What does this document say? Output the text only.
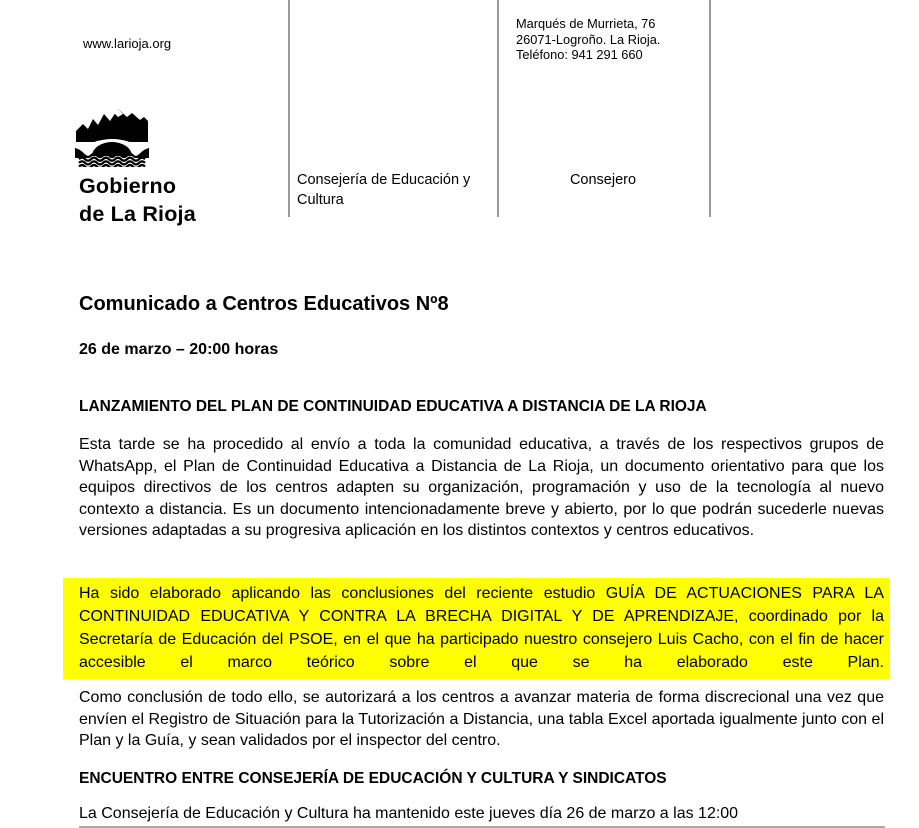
www.larioja.org
Gobierno
de La Rioja
Consejería de Educación y Cultura
Marqués de Murrieta, 76
26071-Logroño. La Rioja.
Teléfono: 941 291 660
Consejero
Comunicado a Centros Educativos Nº8
26 de marzo – 20:00 horas
LANZAMIENTO DEL PLAN DE CONTINUIDAD EDUCATIVA A DISTANCIA DE LA RIOJA

Esta tarde se ha procedido al envío a toda la comunidad educativa, a través de los respectivos grupos de WhatsApp, el Plan de Continuidad Educativa a Distancia de La Rioja, un documento orientativo para que los equipos directivos de los centros adapten su organización, programación y uso de la tecnología al nuevo contexto a distancia. Es un documento intencionadamente breve y abierto, por lo que podrán sucederle nuevas versiones adaptadas a su progresiva aplicación en los distintos contextos y centros educativos.

Ha sido elaborado aplicando las conclusiones del reciente estudio GUÍA DE ACTUACIONES PARA LA CONTINUIDAD EDUCATIVA Y CONTRA LA BRECHA DIGITAL Y DE APRENDIZAJE, coordinado por la Secretaría de Educación del PSOE, en el que ha participado nuestro consejero Luis Cacho, con el fin de hacer accesible el marco teórico sobre el que se ha elaborado este Plan.

Como conclusión de todo ello, se autorizará a los centros a avanzar materia de forma discrecional una vez que envíen el Registro de Situación para la Tutorización a Distancia, una tabla Excel aportada igualmente junto con el Plan y la Guía, y sean validados por el inspector del centro.

ENCUENTRO ENTRE CONSEJERÍA DE EDUCACIÓN Y CULTURA Y SINDICATOS

La Consejería de Educación y Cultura ha mantenido este jueves día 26 de marzo a las 12:00
